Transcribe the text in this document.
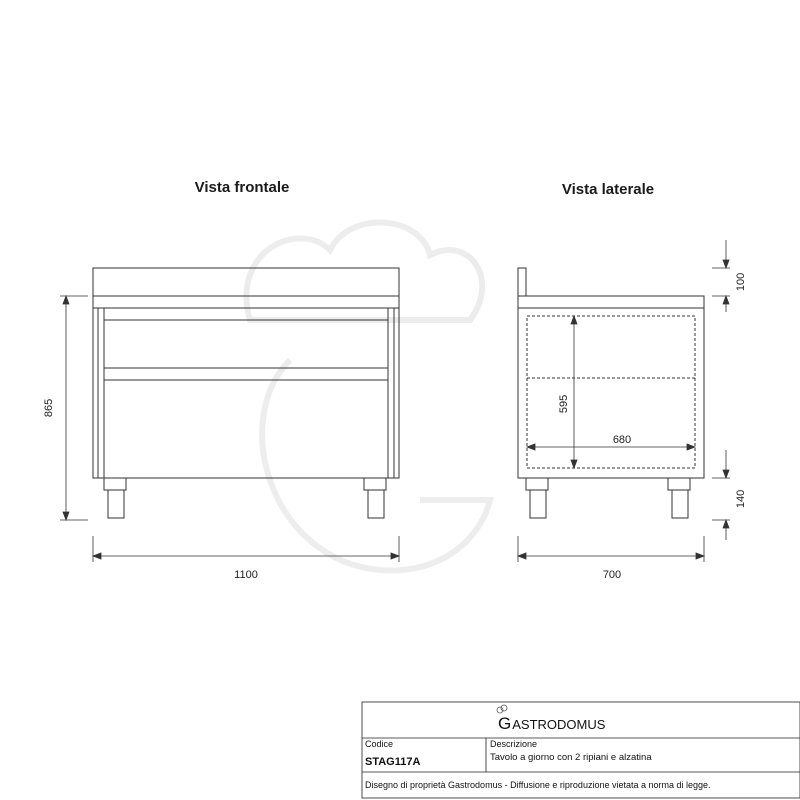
Vista frontale
865
1100
Vista laterale
595
680
100
140
700
GASTRODOMUS
Codice
STAG117A
Descrizione
Tavolo a giorno con 2 ripiani e alzatina
Disegno di proprietà Gastrodomus - Diffusione e riproduzione vietata a norma di legge.
